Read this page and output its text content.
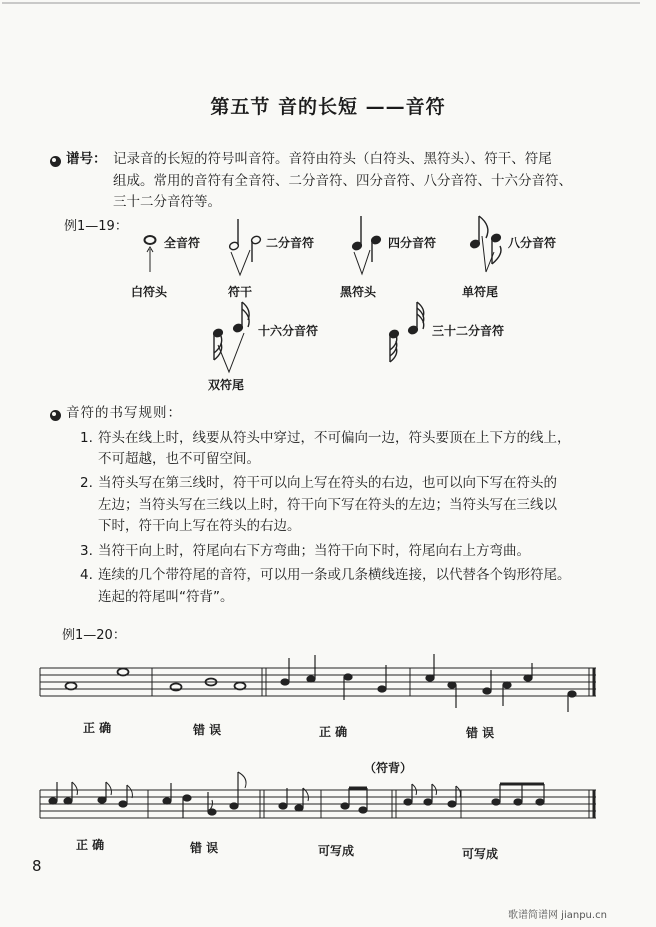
第五节 音的长短 ——音符
谱号： 记录音的长短的符号叫音符。音符由符头（白符头、黑符头）、符干、符尾
组成。常用的音符有全音符、二分音符、四分音符、八分音符、十六分音符、
三十二分音符等。
例1—19：
全音符	二分音符	四分音符	八分音符
十六分音符	三十二分音符
白符头	符干	黑符头	单符尾
双符尾
音符的书写规则：
1. 符头在线上时，线要从符头中穿过，不可偏向一边，符头要顶在上下方的线上，
不可超越，也不可留空间。
2. 当符头写在第三线时，符干可以向上写在符头的右边，也可以向下写在符头的
左边；当符头写在三线以上时，符干向下写在符头的左边；当符头写在三线以
下时，符干向上写在符头的右边。
3. 当符干向上时，符尾向右下方弯曲；当符干向下时，符尾向右上方弯曲。
4. 连续的几个带符尾的音符，可以用一条或几条横线连接，以代替各个钩形符尾。
连起的符尾叫“符背”。
例1—20：
正 确	错 误	正 确	错 误
（符背）
正 确	错 误	可写成	可写成
8
歌谱简谱网 jianpu.cn
